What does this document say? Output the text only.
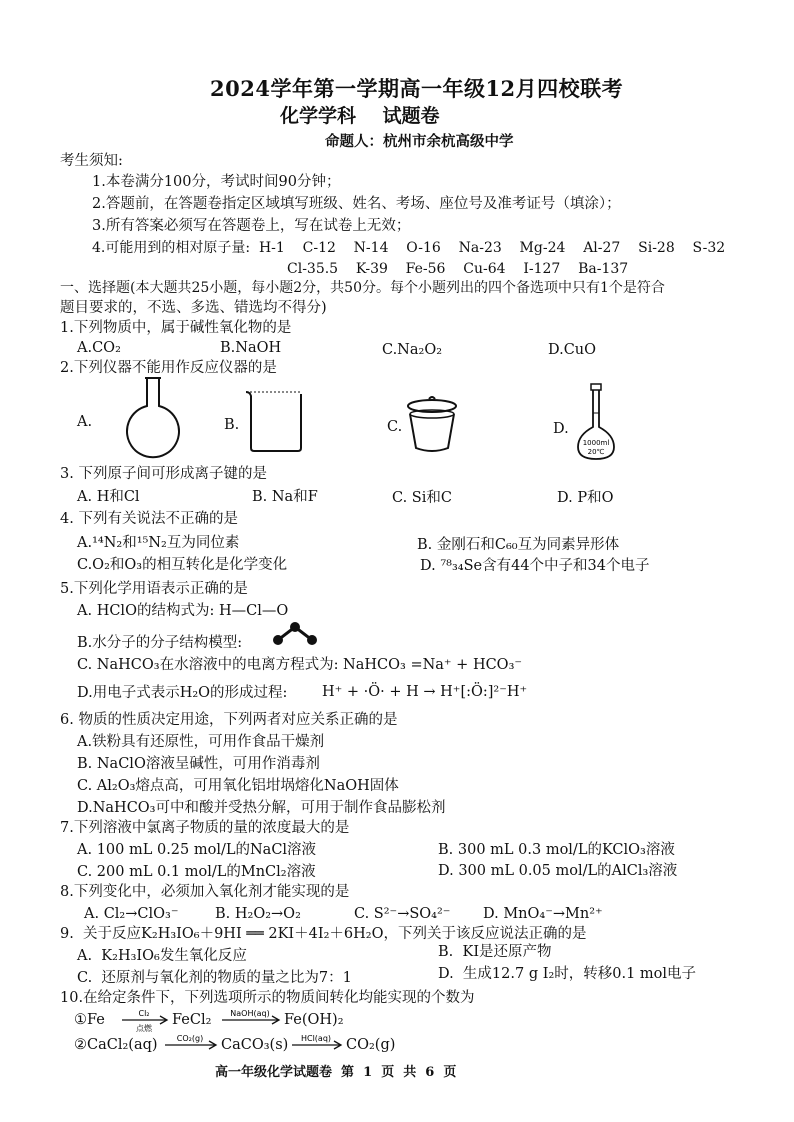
2024学年第一学期高一年级12月四校联考
化学学科    试题卷
命题人：杭州市余杭高级中学
考生须知:
1.本卷满分100分，考试时间90分钟；
2.答题前，在答题卷指定区域填写班级、姓名、考场、座位号及准考证号（填涂）；
3.所有答案必须写在答题卷上，写在试卷上无效；
4.可能用到的相对原子量:  H-1    C-12    N-14    O-16    Na-23    Mg-24    Al-27    Si-28    S-32
Cl-35.5    K-39    Fe-56    Cu-64    I-127    Ba-137
一、选择题(本大题共25小题，每小题2分，共50分。每个小题列出的四个备选项中只有1个是符合
题目要求的，不选、多选、错选均不得分)
1.下列物质中，属于碱性氧化物的是
A.CO₂	B.NaOH	C.Na₂O₂	D.CuO
2.下列仪器不能用作反应仪器的是
A.	B.	C.	D.
1000ml
20℃
3. 下列原子间可形成离子键的是
A. H和Cl	B. Na和F	C. Si和C	D. P和O
4. 下列有关说法不正确的是
A.¹⁴N₂和¹⁵N₂互为同位素	B. 金刚石和C₆₀互为同素异形体
C.O₂和O₃的相互转化是化学变化	D. ⁷⁸₃₄Se含有44个中子和34个电子
5.下列化学用语表示正确的是
A. HClO的结构式为: H—Cl—O
B.水分子的分子结构模型:
C. NaHCO₃在水溶液中的电离方程式为: NaHCO₃ =Na⁺ + HCO₃⁻
D.用电子式表示H₂O的形成过程: H⁺ + ·Ö· + H → H⁺[:Ö:]²⁻H⁺
6. 物质的性质决定用途，下列两者对应关系正确的是
A.铁粉具有还原性，可用作食品干燥剂
B. NaClO溶液呈碱性，可用作消毒剂
C. Al₂O₃熔点高，可用氧化铝坩埚熔化NaOH固体
D.NaHCO₃可中和酸并受热分解，可用于制作食品膨松剂
7.下列溶液中氯离子物质的量的浓度最大的是
A. 100 mL 0.25 mol/L的NaCl溶液	B. 300 mL 0.3 mol/L的KClO₃溶液
C. 200 mL 0.1 mol/L的MnCl₂溶液	D. 300 mL 0.05 mol/L的AlCl₃溶液
8.下列变化中，必须加入氧化剂才能实现的是
A. Cl₂→ClO₃⁻	B. H₂O₂→O₂	C. S²⁻→SO₄²⁻ D. MnO₄⁻→Mn²⁺
9.  关于反应K₂H₃IO₆＋9HI ══ 2KI＋4I₂＋6H₂O，下列关于该反应说法正确的是
A.  K₂H₃IO₆发生氧化反应	B.  KI是还原产物
C.  还原剂与氧化剂的物质的量之比为7：1	D.  生成12.7 g I₂时，转移0.1 mol电子
10.在给定条件下，下列选项所示的物质间转化均能实现的个数为
①Fe	Cl₂
点燃
FeCl₂ NaOH(aq) Fe(OH)₂
②CaCl₂(aq) CO₂(g) CaCO₃(s) HCl(aq) CO₂(g)
高一年级化学试题卷  第  1  页  共  6  页
